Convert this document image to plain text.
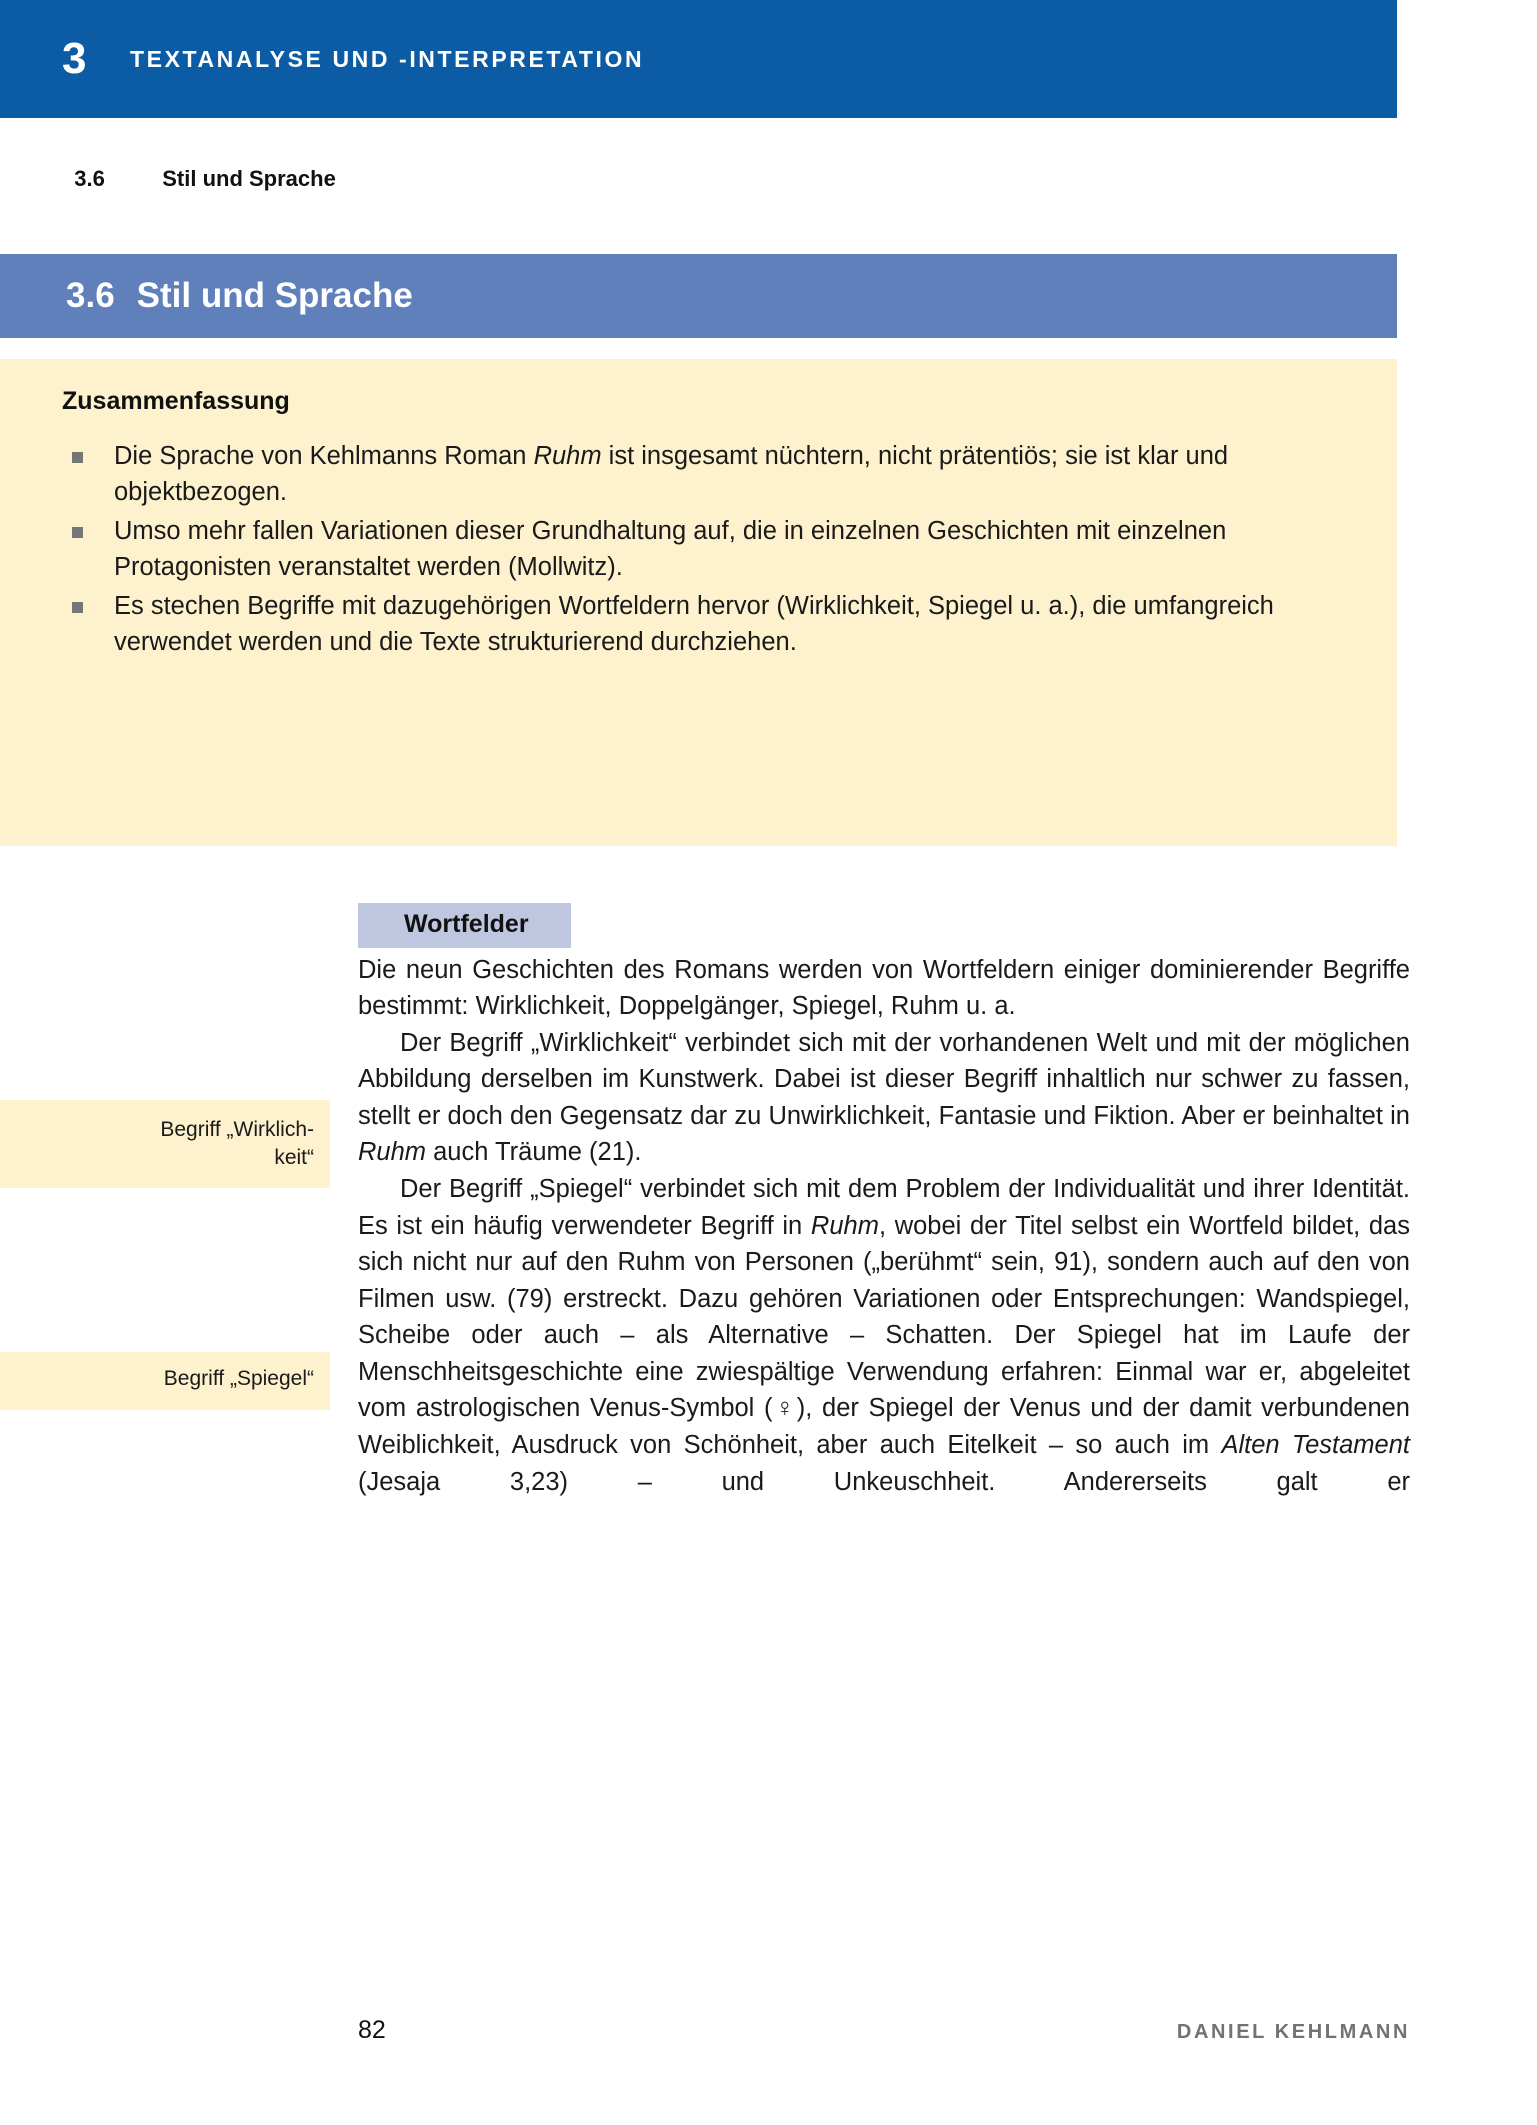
3 TEXTANALYSE UND -INTERPRETATION

3.6	Stil und Sprache

3.6 Stil und Sprache
Zusammenfassung
Die Sprache von Kehlmanns Roman Ruhm ist insgesamt nüchtern, nicht prätentiös; sie ist klar und objektbezogen.
Umso mehr fallen Variationen dieser Grundhaltung auf, die in einzelnen Geschichten mit einzelnen Protagonisten veranstaltet werden (Mollwitz).
Es stechen Begriffe mit dazugehörigen Wortfeldern hervor (Wirklichkeit, Spiegel u. a.), die umfangreich verwendet werden und die Texte strukturierend durchziehen.
Begriff „Wirklich-
keit“
Begriff „Spiegel“
Wortfelder

Die neun Geschichten des Romans werden von Wortfeldern einiger dominierender Begriffe bestimmt: Wirklichkeit, Doppelgänger, Spiegel, Ruhm u. a.

Der Begriff „Wirklichkeit“ verbindet sich mit der vorhandenen Welt und mit der möglichen Abbildung derselben im Kunstwerk. Dabei ist dieser Begriff inhaltlich nur schwer zu fassen, stellt er doch den Gegensatz dar zu Unwirklichkeit, Fantasie und Fiktion. Aber er beinhaltet in Ruhm auch Träume (21).

Der Begriff „Spiegel“ verbindet sich mit dem Problem der Individualität und ihrer Identität. Es ist ein häufig verwendeter Begriff in Ruhm, wobei der Titel selbst ein Wortfeld bildet, das sich nicht nur auf den Ruhm von Personen („berühmt“ sein, 91), sondern auch auf den von Filmen usw. (79) erstreckt. Dazu gehören Variationen oder Entsprechungen: Wandspiegel, Scheibe oder auch – als Alternative – Schatten. Der Spiegel hat im Laufe der Menschheitsgeschichte eine zwiespältige Verwendung erfahren: Einmal war er, abgeleitet vom astrologischen Venus-Symbol (♀), der Spiegel der Venus und der damit verbundenen Weiblichkeit, Ausdruck von Schönheit, aber auch Eitelkeit – so auch im Alten Testament (Jesaja 3,23) – und Unkeuschheit. Andererseits galt er

82	DANIEL KEHLMANN
